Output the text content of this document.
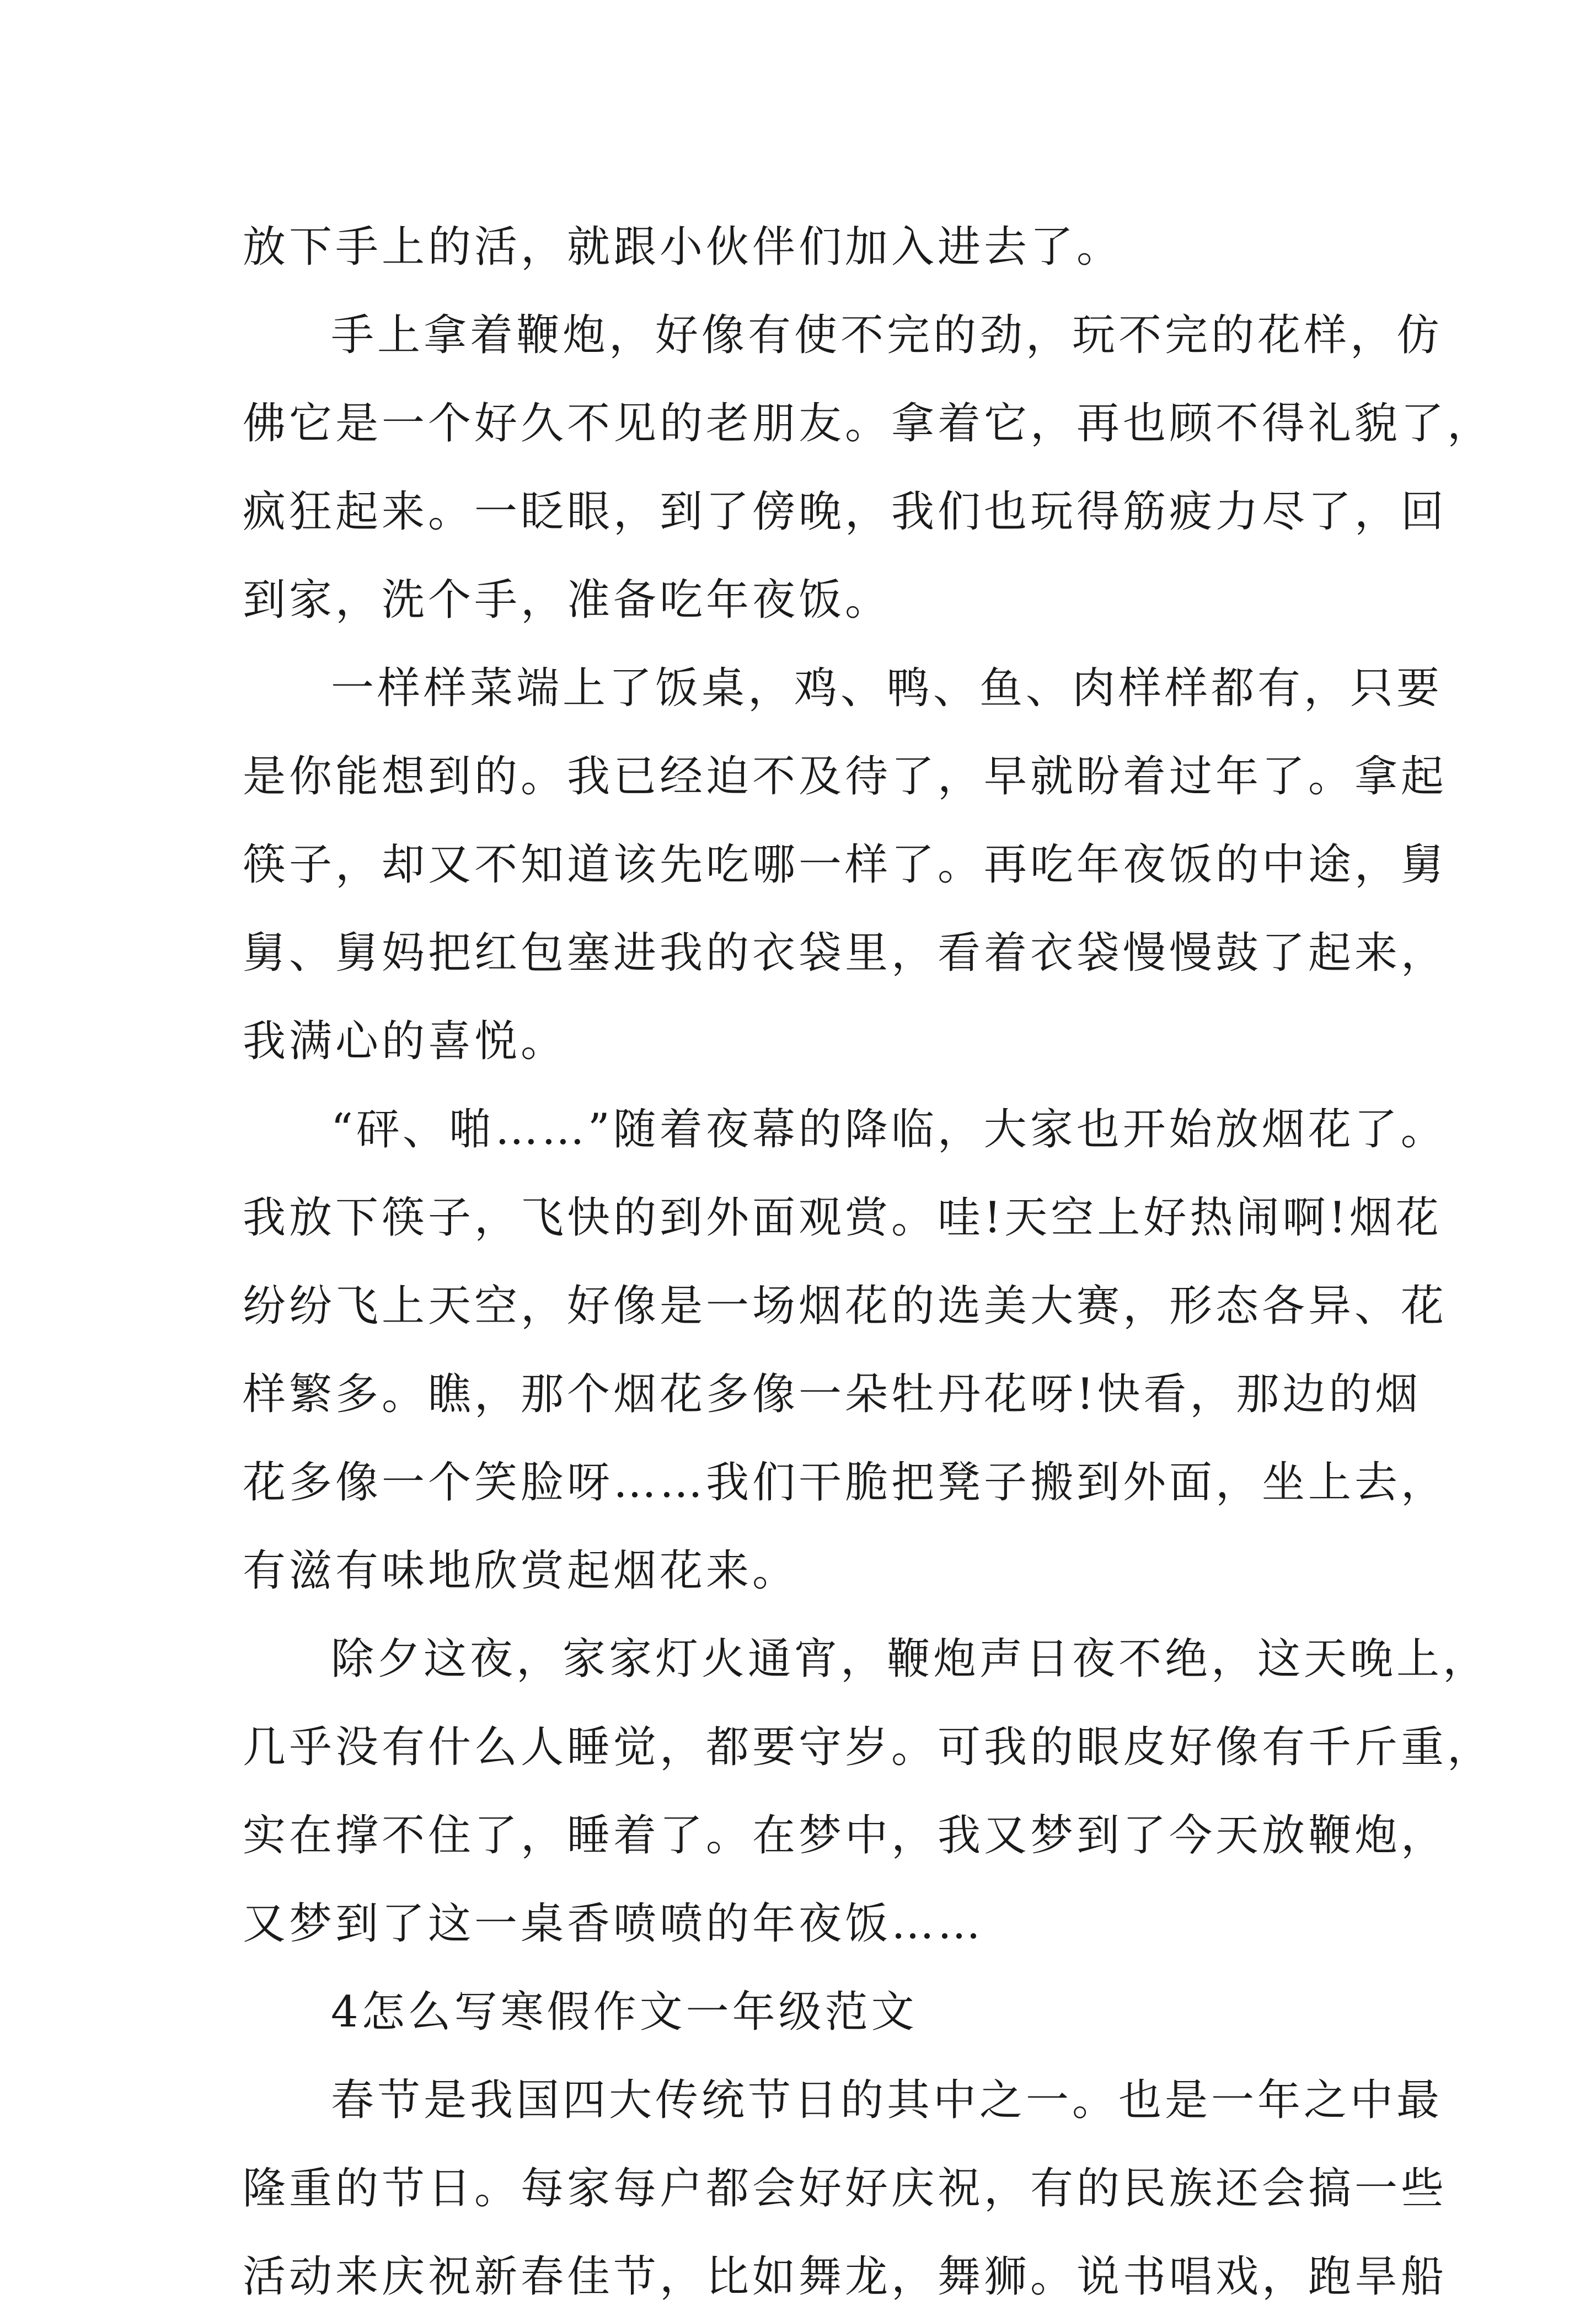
放下手上的活，就跟小伙伴们加入进去了。
手上拿着鞭炮，好像有使不完的劲，玩不完的花样，仿
佛它是一个好久不见的老朋友。拿着它，再也顾不得礼貌了，
疯狂起来。一眨眼，到了傍晚，我们也玩得筋疲力尽了，回
到家，洗个手，准备吃年夜饭。
一样样菜端上了饭桌，鸡、鸭、鱼、肉样样都有，只要
是你能想到的。我已经迫不及待了，早就盼着过年了。拿起
筷子，却又不知道该先吃哪一样了。再吃年夜饭的中途，舅
舅、舅妈把红包塞进我的衣袋里，看着衣袋慢慢鼓了起来，
我满心的喜悦。
“砰、啪……”随着夜幕的降临，大家也开始放烟花了。
我放下筷子，飞快的到外面观赏。哇!天空上好热闹啊!烟花
纷纷飞上天空，好像是一场烟花的选美大赛，形态各异、花
样繁多。瞧，那个烟花多像一朵牡丹花呀!快看，那边的烟
花多像一个笑脸呀……我们干脆把凳子搬到外面，坐上去，
有滋有味地欣赏起烟花来。
除夕这夜，家家灯火通宵，鞭炮声日夜不绝，这天晚上，
几乎没有什么人睡觉，都要守岁。可我的眼皮好像有千斤重，
实在撑不住了，睡着了。在梦中，我又梦到了今天放鞭炮，
又梦到了这一桌香喷喷的年夜饭……
4怎么写寒假作文一年级范文
春节是我国四大传统节日的其中之一。也是一年之中最
隆重的节日。每家每户都会好好庆祝，有的民族还会搞一些
活动来庆祝新春佳节，比如舞龙，舞狮。说书唱戏，跑旱船
